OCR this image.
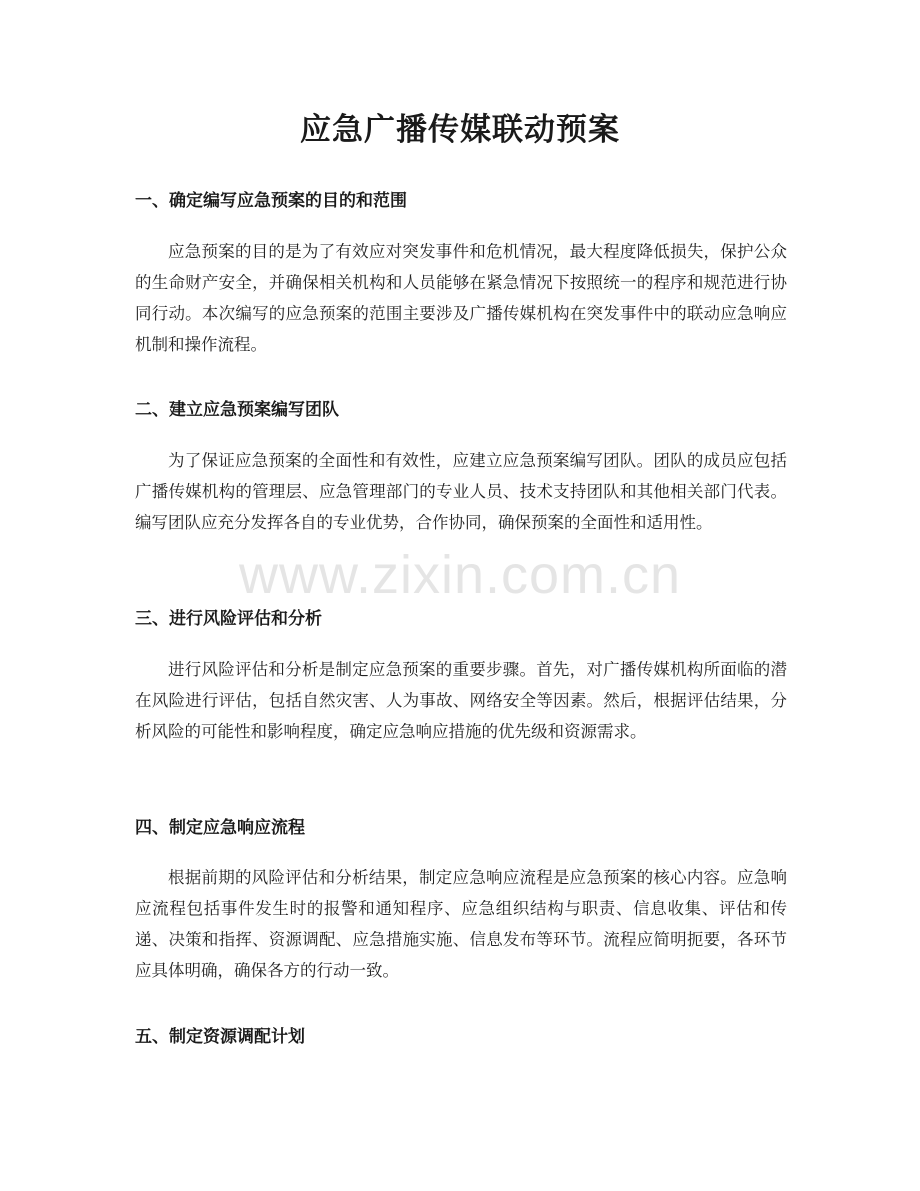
应急广播传媒联动预案
一、确定编写应急预案的目的和范围

应急预案的目的是为了有效应对突发事件和危机情况，最大程度降低损失，保护公众的生命财产安全，并确保相关机构和人员能够在紧急情况下按照统一的程序和规范进行协同行动。本次编写的应急预案的范围主要涉及广播传媒机构在突发事件中的联动应急响应机制和操作流程。

二、建立应急预案编写团队

为了保证应急预案的全面性和有效性，应建立应急预案编写团队。团队的成员应包括广播传媒机构的管理层、应急管理部门的专业人员、技术支持团队和其他相关部门代表。编写团队应充分发挥各自的专业优势，合作协同，确保预案的全面性和适用性。

三、进行风险评估和分析

进行风险评估和分析是制定应急预案的重要步骤。首先，对广播传媒机构所面临的潜在风险进行评估，包括自然灾害、人为事故、网络安全等因素。然后，根据评估结果，分析风险的可能性和影响程度，确定应急响应措施的优先级和资源需求。

四、制定应急响应流程

根据前期的风险评估和分析结果，制定应急响应流程是应急预案的核心内容。应急响应流程包括事件发生时的报警和通知程序、应急组织结构与职责、信息收集、评估和传递、决策和指挥、资源调配、应急措施实施、信息发布等环节。流程应简明扼要，各环节应具体明确，确保各方的行动一致。

五、制定资源调配计划
www.zixin.com.cn
